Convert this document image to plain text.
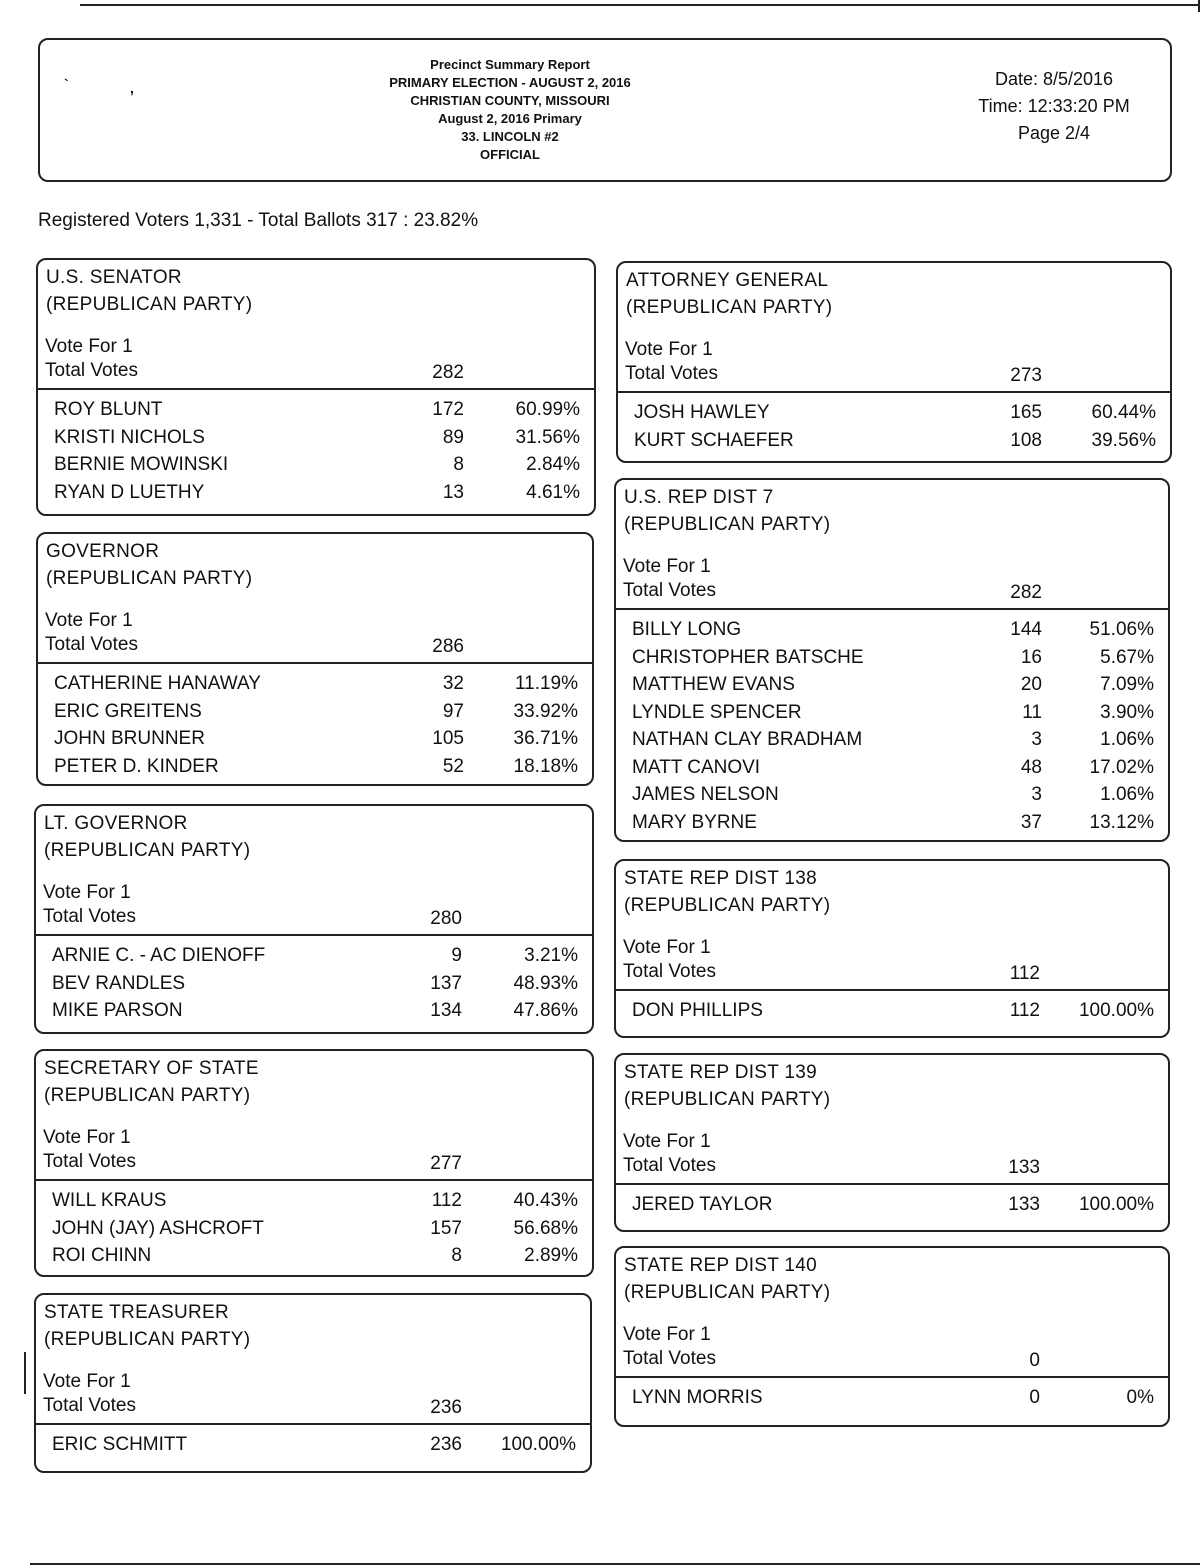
`	,
Precinct Summary Report
PRIMARY ELECTION - AUGUST 2, 2016
CHRISTIAN COUNTY, MISSOURI
August 2, 2016 Primary
33. LINCOLN #2
OFFICIAL
Date: 8/5/2016
Time: 12:33:20 PM
Page 2/4
Registered Voters 1,331 - Total Ballots 317 : 23.82%
U.S. SENATOR
(REPUBLICAN PARTY)
Vote For 1
Total Votes	282
ROY BLUNT	172	60.99%
KRISTI NICHOLS	89	31.56%
BERNIE MOWINSKI	8	2.84%
RYAN D LUETHY	13	4.61%
GOVERNOR
(REPUBLICAN PARTY)
Vote For 1
Total Votes	286
CATHERINE HANAWAY	32	11.19%
ERIC GREITENS	97	33.92%
JOHN BRUNNER	105	36.71%
PETER D. KINDER	52	18.18%
LT. GOVERNOR
(REPUBLICAN PARTY)
Vote For 1
Total Votes	280
ARNIE C. - AC DIENOFF	9	3.21%
BEV RANDLES	137	48.93%
MIKE PARSON	134	47.86%
SECRETARY OF STATE
(REPUBLICAN PARTY)
Vote For 1
Total Votes	277
WILL KRAUS	112	40.43%
JOHN (JAY) ASHCROFT	157	56.68%
ROI CHINN	8	2.89%
STATE TREASURER
(REPUBLICAN PARTY)
Vote For 1
Total Votes	236
ERIC SCHMITT	236 100.00%
ATTORNEY GENERAL
(REPUBLICAN PARTY)
Vote For 1
Total Votes	273
JOSH HAWLEY	165	60.44%
KURT SCHAEFER	108	39.56%
U.S. REP DIST 7
(REPUBLICAN PARTY)
Vote For 1
Total Votes	282
BILLY LONG	144	51.06%
CHRISTOPHER BATSCHE	16	5.67%
MATTHEW EVANS	20	7.09%
LYNDLE SPENCER	11	3.90%
NATHAN CLAY BRADHAM	3	1.06%
MATT CANOVI	48	17.02%
JAMES NELSON	3	1.06%
MARY BYRNE	37	13.12%
STATE REP DIST 138
(REPUBLICAN PARTY)
Vote For 1
Total Votes	112
DON PHILLIPS	112 100.00%
STATE REP DIST 139
(REPUBLICAN PARTY)
Vote For 1
Total Votes	133
JERED TAYLOR	133 100.00%
STATE REP DIST 140
(REPUBLICAN PARTY)
Vote For 1
Total Votes	0
LYNN MORRIS	0	0%
